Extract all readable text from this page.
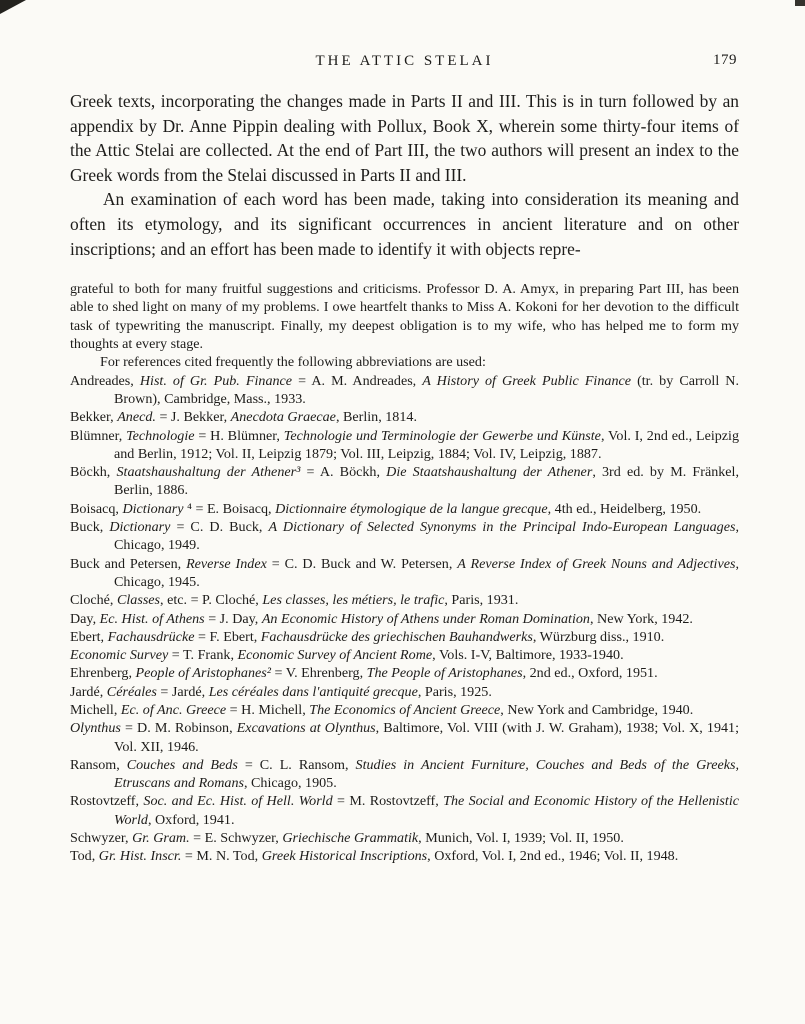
THE ATTIC STELAI	179

Greek texts, incorporating the changes made in Parts II and III. This is in turn followed by an appendix by Dr. Anne Pippin dealing with Pollux, Book X, wherein some thirty-four items of the Attic Stelai are collected. At the end of Part III, the two authors will present an index to the Greek words from the Stelai discussed in Parts II and III.

An examination of each word has been made, taking into consideration its meaning and often its etymology, and its significant occurrences in ancient literature and on other inscriptions; and an effort has been made to identify it with objects repre-

grateful to both for many fruitful suggestions and criticisms. Professor D. A. Amyx, in preparing Part III, has been able to shed light on many of my problems. I owe heartfelt thanks to Miss A. Kokoni for her devotion to the difficult task of typewriting the manuscript. Finally, my deepest obligation is to my wife, who has helped me to form my thoughts at every stage.

For references cited frequently the following abbreviations are used:

Andreades, Hist. of Gr. Pub. Finance = A. M. Andreades, A History of Greek Public Finance (tr. by Carroll N. Brown), Cambridge, Mass., 1933.

Bekker, Anecd. = J. Bekker, Anecdota Graecae, Berlin, 1814.

Blümner, Technologie = H. Blümner, Technologie und Terminologie der Gewerbe und Künste, Vol. I, 2nd ed., Leipzig and Berlin, 1912; Vol. II, Leipzig 1879; Vol. III, Leipzig, 1884; Vol. IV, Leipzig, 1887.

Böckh, Staatshaushaltung der Athener³ = A. Böckh, Die Staatshaushaltung der Athener, 3rd ed. by M. Fränkel, Berlin, 1886.

Boisacq, Dictionary ⁴ = E. Boisacq, Dictionnaire étymologique de la langue grecque, 4th ed., Heidelberg, 1950.

Buck, Dictionary = C. D. Buck, A Dictionary of Selected Synonyms in the Principal Indo-European Languages, Chicago, 1949.

Buck and Petersen, Reverse Index = C. D. Buck and W. Petersen, A Reverse Index of Greek Nouns and Adjectives, Chicago, 1945.

Cloché, Classes, etc. = P. Cloché, Les classes, les métiers, le trafic, Paris, 1931.

Day, Ec. Hist. of Athens = J. Day, An Economic History of Athens under Roman Domination, New York, 1942.

Ebert, Fachausdrücke = F. Ebert, Fachausdrücke des griechischen Bauhandwerks, Würzburg diss., 1910.

Economic Survey = T. Frank, Economic Survey of Ancient Rome, Vols. I-V, Baltimore, 1933-1940.

Ehrenberg, People of Aristophanes² = V. Ehrenberg, The People of Aristophanes, 2nd ed., Oxford, 1951.

Jardé, Céréales = Jardé, Les céréales dans l'antiquité grecque, Paris, 1925.

Michell, Ec. of Anc. Greece = H. Michell, The Economics of Ancient Greece, New York and Cambridge, 1940.

Olynthus = D. M. Robinson, Excavations at Olynthus, Baltimore, Vol. VIII (with J. W. Graham), 1938; Vol. X, 1941; Vol. XII, 1946.

Ransom, Couches and Beds = C. L. Ransom, Studies in Ancient Furniture, Couches and Beds of the Greeks, Etruscans and Romans, Chicago, 1905.

Rostovtzeff, Soc. and Ec. Hist. of Hell. World = M. Rostovtzeff, The Social and Economic History of the Hellenistic World, Oxford, 1941.

Schwyzer, Gr. Gram. = E. Schwyzer, Griechische Grammatik, Munich, Vol. I, 1939; Vol. II, 1950.

Tod, Gr. Hist. Inscr. = M. N. Tod, Greek Historical Inscriptions, Oxford, Vol. I, 2nd ed., 1946; Vol. II, 1948.
